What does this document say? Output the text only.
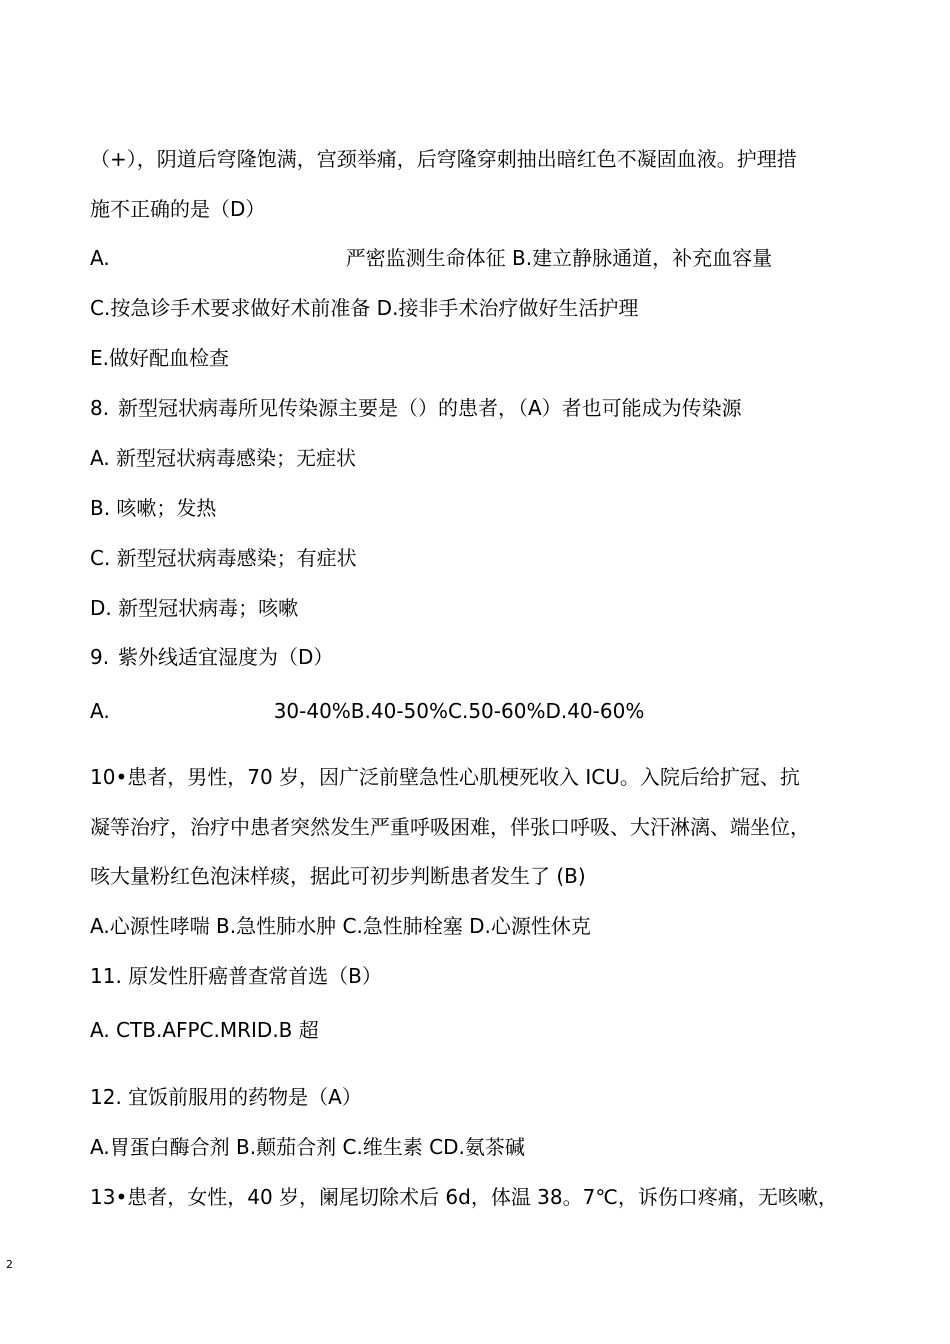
（+），阴道后穹隆饱满，宫颈举痛，后穹隆穿刺抽出暗红色不凝固血液。护理措
施不正确的是（D）
A.	严密监测生命体征 B.建立静脉通道，补充血容量
C.按急诊手术要求做好术前准备 D.接非手术治疗做好生活护理
E.做好配血检查
8. 新型冠状病毒所见传染源主要是（）的患者，（A）者也可能成为传染源
A. 新型冠状病毒感染；无症状
B. 咳嗽；发热
C. 新型冠状病毒感染；有症状
D. 新型冠状病毒；咳嗽
9. 紫外线适宜湿度为（D）
A.	30-40%B.40-50%C.50-60%D.40-60%
10•患者，男性，70 岁，因广泛前壁急性心肌梗死收入 ICU。入院后给扩冠、抗
凝等治疗，治疗中患者突然发生严重呼吸困难，伴张口呼吸、大汗淋漓、端坐位，
咳大量粉红色泡沫样痰，据此可初步判断患者发生了 (B)
A.心源性哮喘 B.急性肺水肿 C.急性肺栓塞 D.心源性休克
11. 原发性肝癌普查常首选（B）
A. CTB.AFPC.MRID.B 超
12. 宜饭前服用的药物是（A）
A.胃蛋白酶合剂 B.颠茄合剂 C.维生素 CD.氨茶碱
13•患者，女性，40 岁，阑尾切除术后 6d，体温 38。7℃，诉伤口疼痛，无咳嗽，
2
